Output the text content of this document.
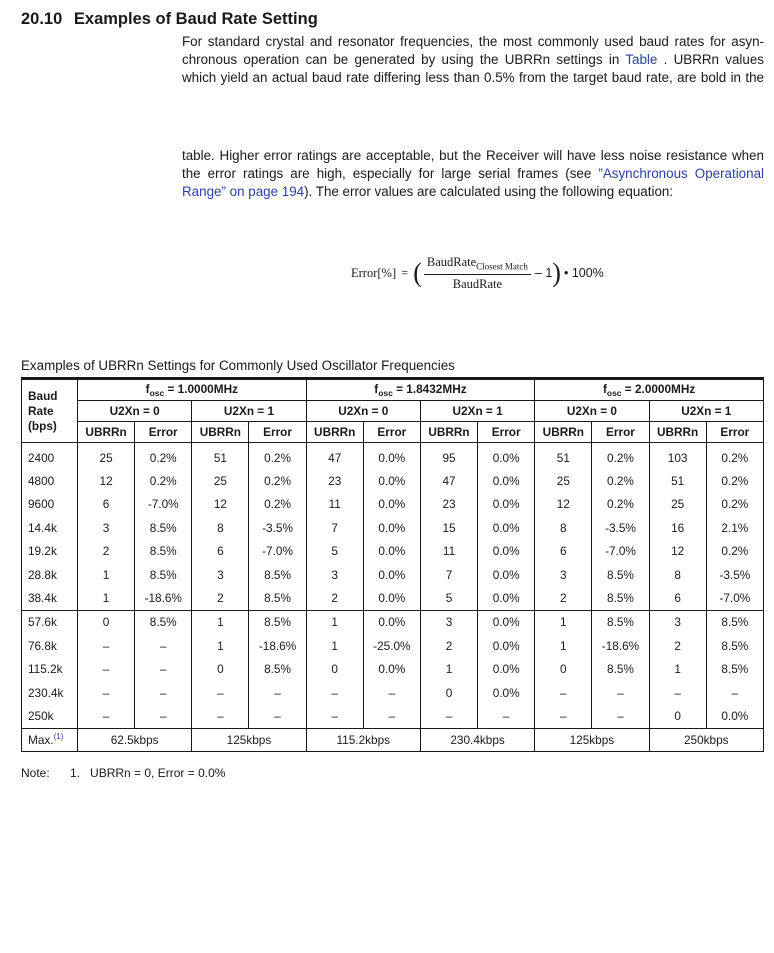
20.10 Examples of Baud Rate Setting
For standard crystal and resonator frequencies, the most commonly used baud rates for asyn-
chronous operation can be generated by using the UBRRn settings in Table . UBRRn values
which yield an actual baud rate differing less than 0.5% from the target baud rate, are bold in the
table. Higher error ratings are acceptable, but the Receiver will have less noise resistance when
the error ratings are high, especially for large serial frames (see ”Asynchronous Operational
Range” on page 194). The error values are calculated using the following equation:
Error[%] = ( $\frac{BaudRate_{Closest Match}}{\text{BaudRate}} - 1$ ) • 100%
Examples of UBRRn Settings for Commonly Used Oscillator Frequencies
Baud Rate (bps)	$f_{osc} = 1.0000MHz$				$f_{osc} = 1.8432MHz$				$f_{osc} = 2.0000MHz$			
	U2Xn = 0		U2Xn = 1		U2Xn = 0		U2Xn = 1		U2Xn = 0		U2Xn = 1	
	UBRRn	Error	UBRRn	Error	UBRRn	Error	UBRRn	Error	UBRRn	Error	UBRRn	Error
2400	25	0.2%	51	0.2%	47	0.0%	95	0.0%	51	0.2%	103	0.2%
4800	12	0.2%	25	0.2%	23	0.0%	47	0.0%	25	0.2%	51	0.2%
9600	6	-7.0%	12	0.2%	11	0.0%	23	0.0%	12	0.2%	25	0.2%
14.4k	3	8.5%	8	-3.5%	7	0.0%	15	0.0%	8	-3.5%	16	2.1%
19.2k	2	8.5%	6	-7.0%	5	0.0%	11	0.0%	6	-7.0%	12	0.2%
28.8k	1	8.5%	3	8.5%	3	0.0%	7	0.0%	3	8.5%	8	-3.5%
38.4k	1	-18.6%	2	8.5%	2	0.0%	5	0.0%	2	8.5%	6	-7.0%
57.6k	0	8.5%	1	8.5%	1	0.0%	3	0.0%	1	8.5%	3	8.5%
76.8k	–	–	1	-18.6%	1	-25.0%	2	0.0%	1	-18.6%	2	8.5%
115.2k	–	–	0	8.5%	0	0.0%	1	0.0%	0	8.5%	1	8.5%
230.4k	–	–	–	–	–	–	0	0.0%	–	–	–	–
250k	–	–	–	–	–	–	–	–	–	–	0	0.0%
Max.$^{(1)}$	62.5kbps		125kbps		115.2kbps		230.4kbps		125kbps		250kbps	
Note: 1. UBRRn = 0, Error = 0.0%
